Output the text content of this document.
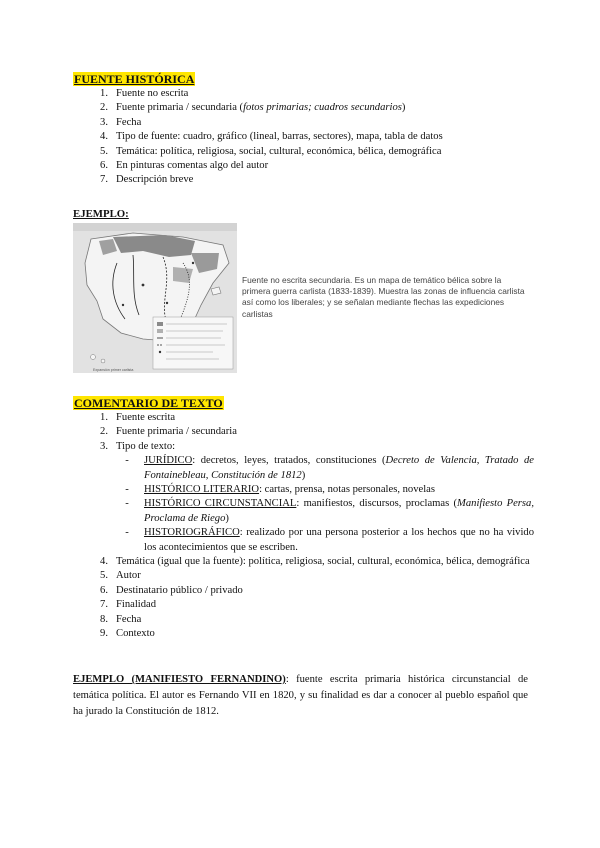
FUENTE HISTÓRICA
1. Fuente no escrita
2. Fuente primaria / secundaria (fotos primarias; cuadros secundarios)
3. Fecha
4. Tipo de fuente: cuadro, gráfico (lineal, barras, sectores), mapa, tabla de datos
5. Temática: política, religiosa, social, cultural, económica, bélica, demográfica
6. En pinturas comentas algo del autor
7. Descripción breve
EJEMPLO:
Expansión primer carlista
Fuente no escrita secundaria. Es un mapa de temático bélica sobre la primera guerra carlista (1833-1839). Muestra las zonas de influencia carlista así como los liberales; y se señalan mediante flechas las expediciones carlistas
COMENTARIO DE TEXTO
1. Fuente escrita
2. Fuente primaria / secundaria
3. Tipo de texto:
-	JURÍDICO: decretos, leyes, tratados, constituciones (Decreto de Valencia, Tratado de Fontainebleau, Constitución de 1812)
-	HISTÓRICO LITERARIO: cartas, prensa, notas personales, novelas
-	HISTÓRICO CIRCUNSTANCIAL: manifiestos, discursos, proclamas (Manifiesto Persa, Proclama de Riego)
-	HISTORIOGRÁFICO: realizado por una persona posterior a los hechos que no ha vivido los acontecimientos que se escriben.
4. Temática (igual que la fuente): política, religiosa, social, cultural, económica, bélica, demográfica
5. Autor
6. Destinatario público / privado
7. Finalidad
8. Fecha
9. Contexto
EJEMPLO (MANIFIESTO FERNANDINO): fuente escrita primaria histórica circunstancial de temática política. El autor es Fernando VII en 1820, y su finalidad es dar a conocer al pueblo español que ha jurado la Constitución de 1812.
